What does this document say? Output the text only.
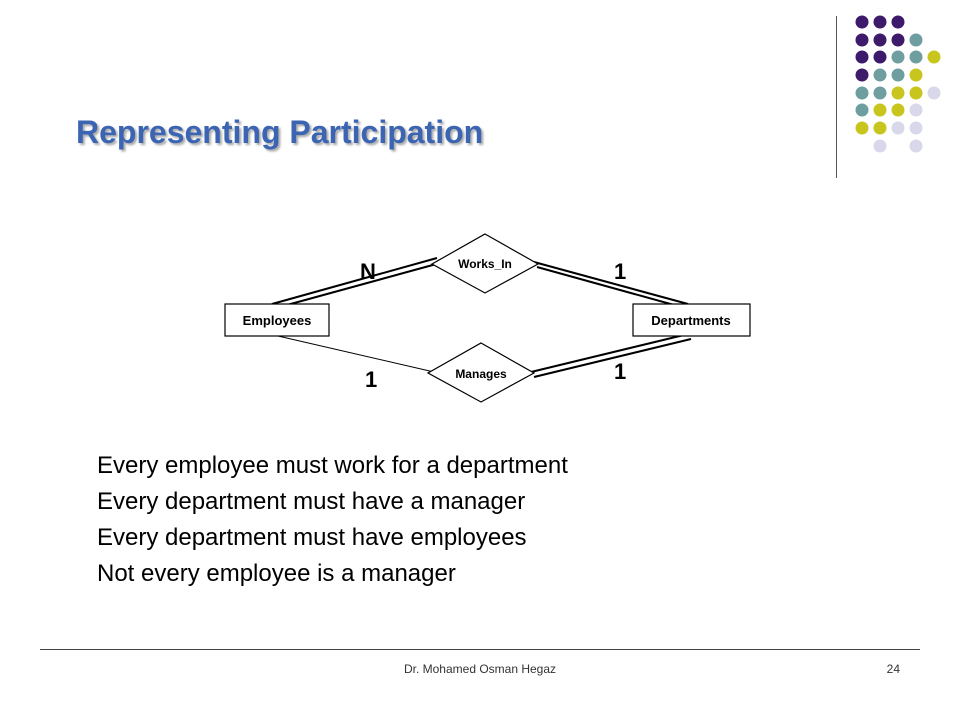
Representing Participation
Employees	Departments
Works_In
Manages
N	1
1	1
Every employee must work for a department
Every department must have a manager
Every department must have employees
Not every employee is a manager
Dr. Mohamed Osman Hegaz	24
